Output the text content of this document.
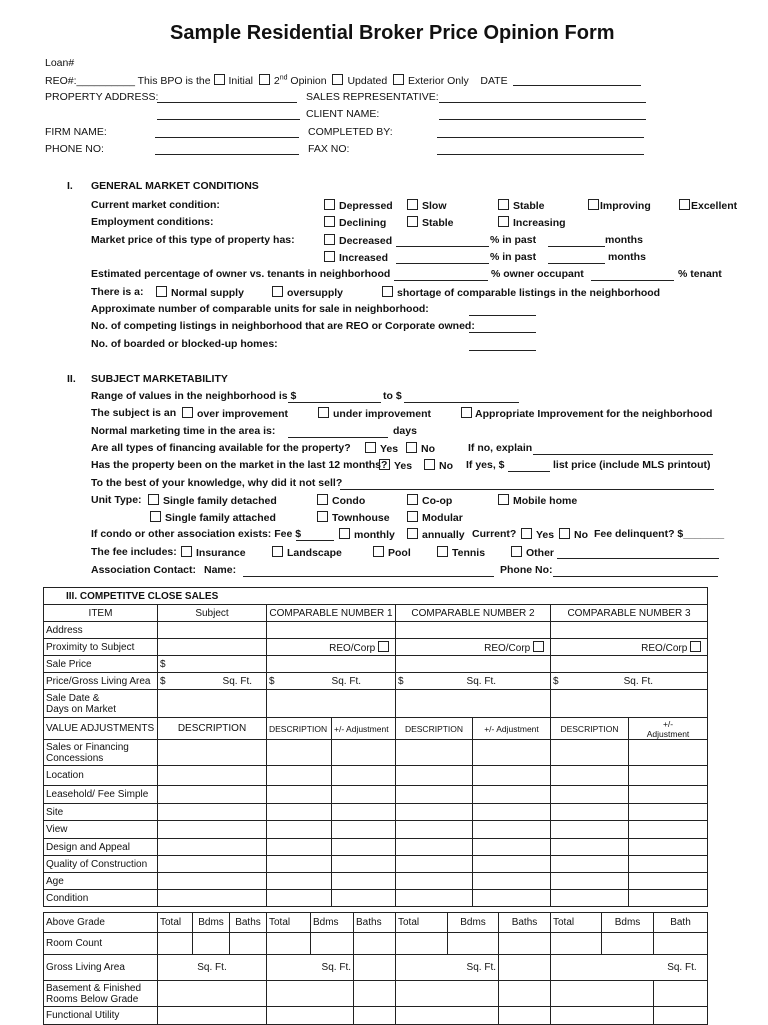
Sample Residential Broker Price Opinion Form
Loan#
REO#:__________ This BPO is the Initial 2nd Opinion Updated Exterior Only DATE
PROPERTY ADDRESS:	SALES REPRESENTATIVE:
CLIENT NAME:
FIRM NAME:	COMPLETED BY:
PHONE NO:	FAX NO:
I. GENERAL MARKET CONDITIONS
Current market condition:	Depressed	Slow	Stable	Improving	Excellent
Employment conditions:	Declining	Stable	Increasing
Market price of this type of property has:	Decreased	% in past	months
Increased	% in past	months
Estimated percentage of owner vs. tenants in neighborhood	% owner occupant	% tenant
There is a:	Normal supply	oversupply	shortage of comparable listings in the neighborhood
Approximate number of comparable units for sale in neighborhood:
No. of competing listings in neighborhood that are REO or Corporate owned:
No. of boarded or blocked-up homes:
II. SUBJECT MARKETABILITY
Range of values in the neighborhood is $	to $
The subject is an	over improvement	under improvement	Appropriate Improvement for the neighborhood
Normal marketing time in the area is:	days
Are all types of financing available for the property?	Yes	No	If no, explain
Has the property been on the market in the last 12 months? Yes	No If yes, $	list price (include MLS printout)
To the best of your knowledge, why did it not sell?
Unit Type:	Single family detached	Condo	Co-op	Mobile home
Single family attached	Townhouse	Modular
If condo or other association exists: Fee $	monthly	annually Current?	Yes	No Fee delinquent? $_______
The fee includes:	Insurance	Landscape	Pool	Tennis	Other
Association Contact: Name:	Phone No:
III. COMPETITVE CLOSE SALES							
ITEM	Subject	COMPARABLE NUMBER 1		COMPARABLE NUMBER 2		COMPARABLE NUMBER 3	
Address							
Proximity to Subject		REO/Corp		REO/Corp		REO/Corp	
Sale Price	$						
Price/Gross Living Area	$ Sq. Ft.	$ Sq. Ft.		$ Sq. Ft.		$ Sq. Ft.	

Sale Date &
Days on Market							
VALUE ADJUSTMENTS	DESCRIPTION	DESCRIPTION	+/- Adjustment	DESCRIPTION	+/- Adjustment	DESCRIPTION	+/-
Adjustment
Sales or Financing
Concessions							
Location							
Leasehold/ Fee Simple							
Site							
View							
Design and Appeal							
Quality of Construction							
Age							
Condition							
Above Grade	Total	Bdms	Baths	Total	Bdms	Baths	Total	Bdms	Baths	Total	Bdms	Bath
Room Count												
Gross Living Area	Sq. Ft.			Sq. Ft.			Sq. Ft.			Sq. Ft.		
Basement & Finished
Rooms Below Grade												
Functional Utility												
